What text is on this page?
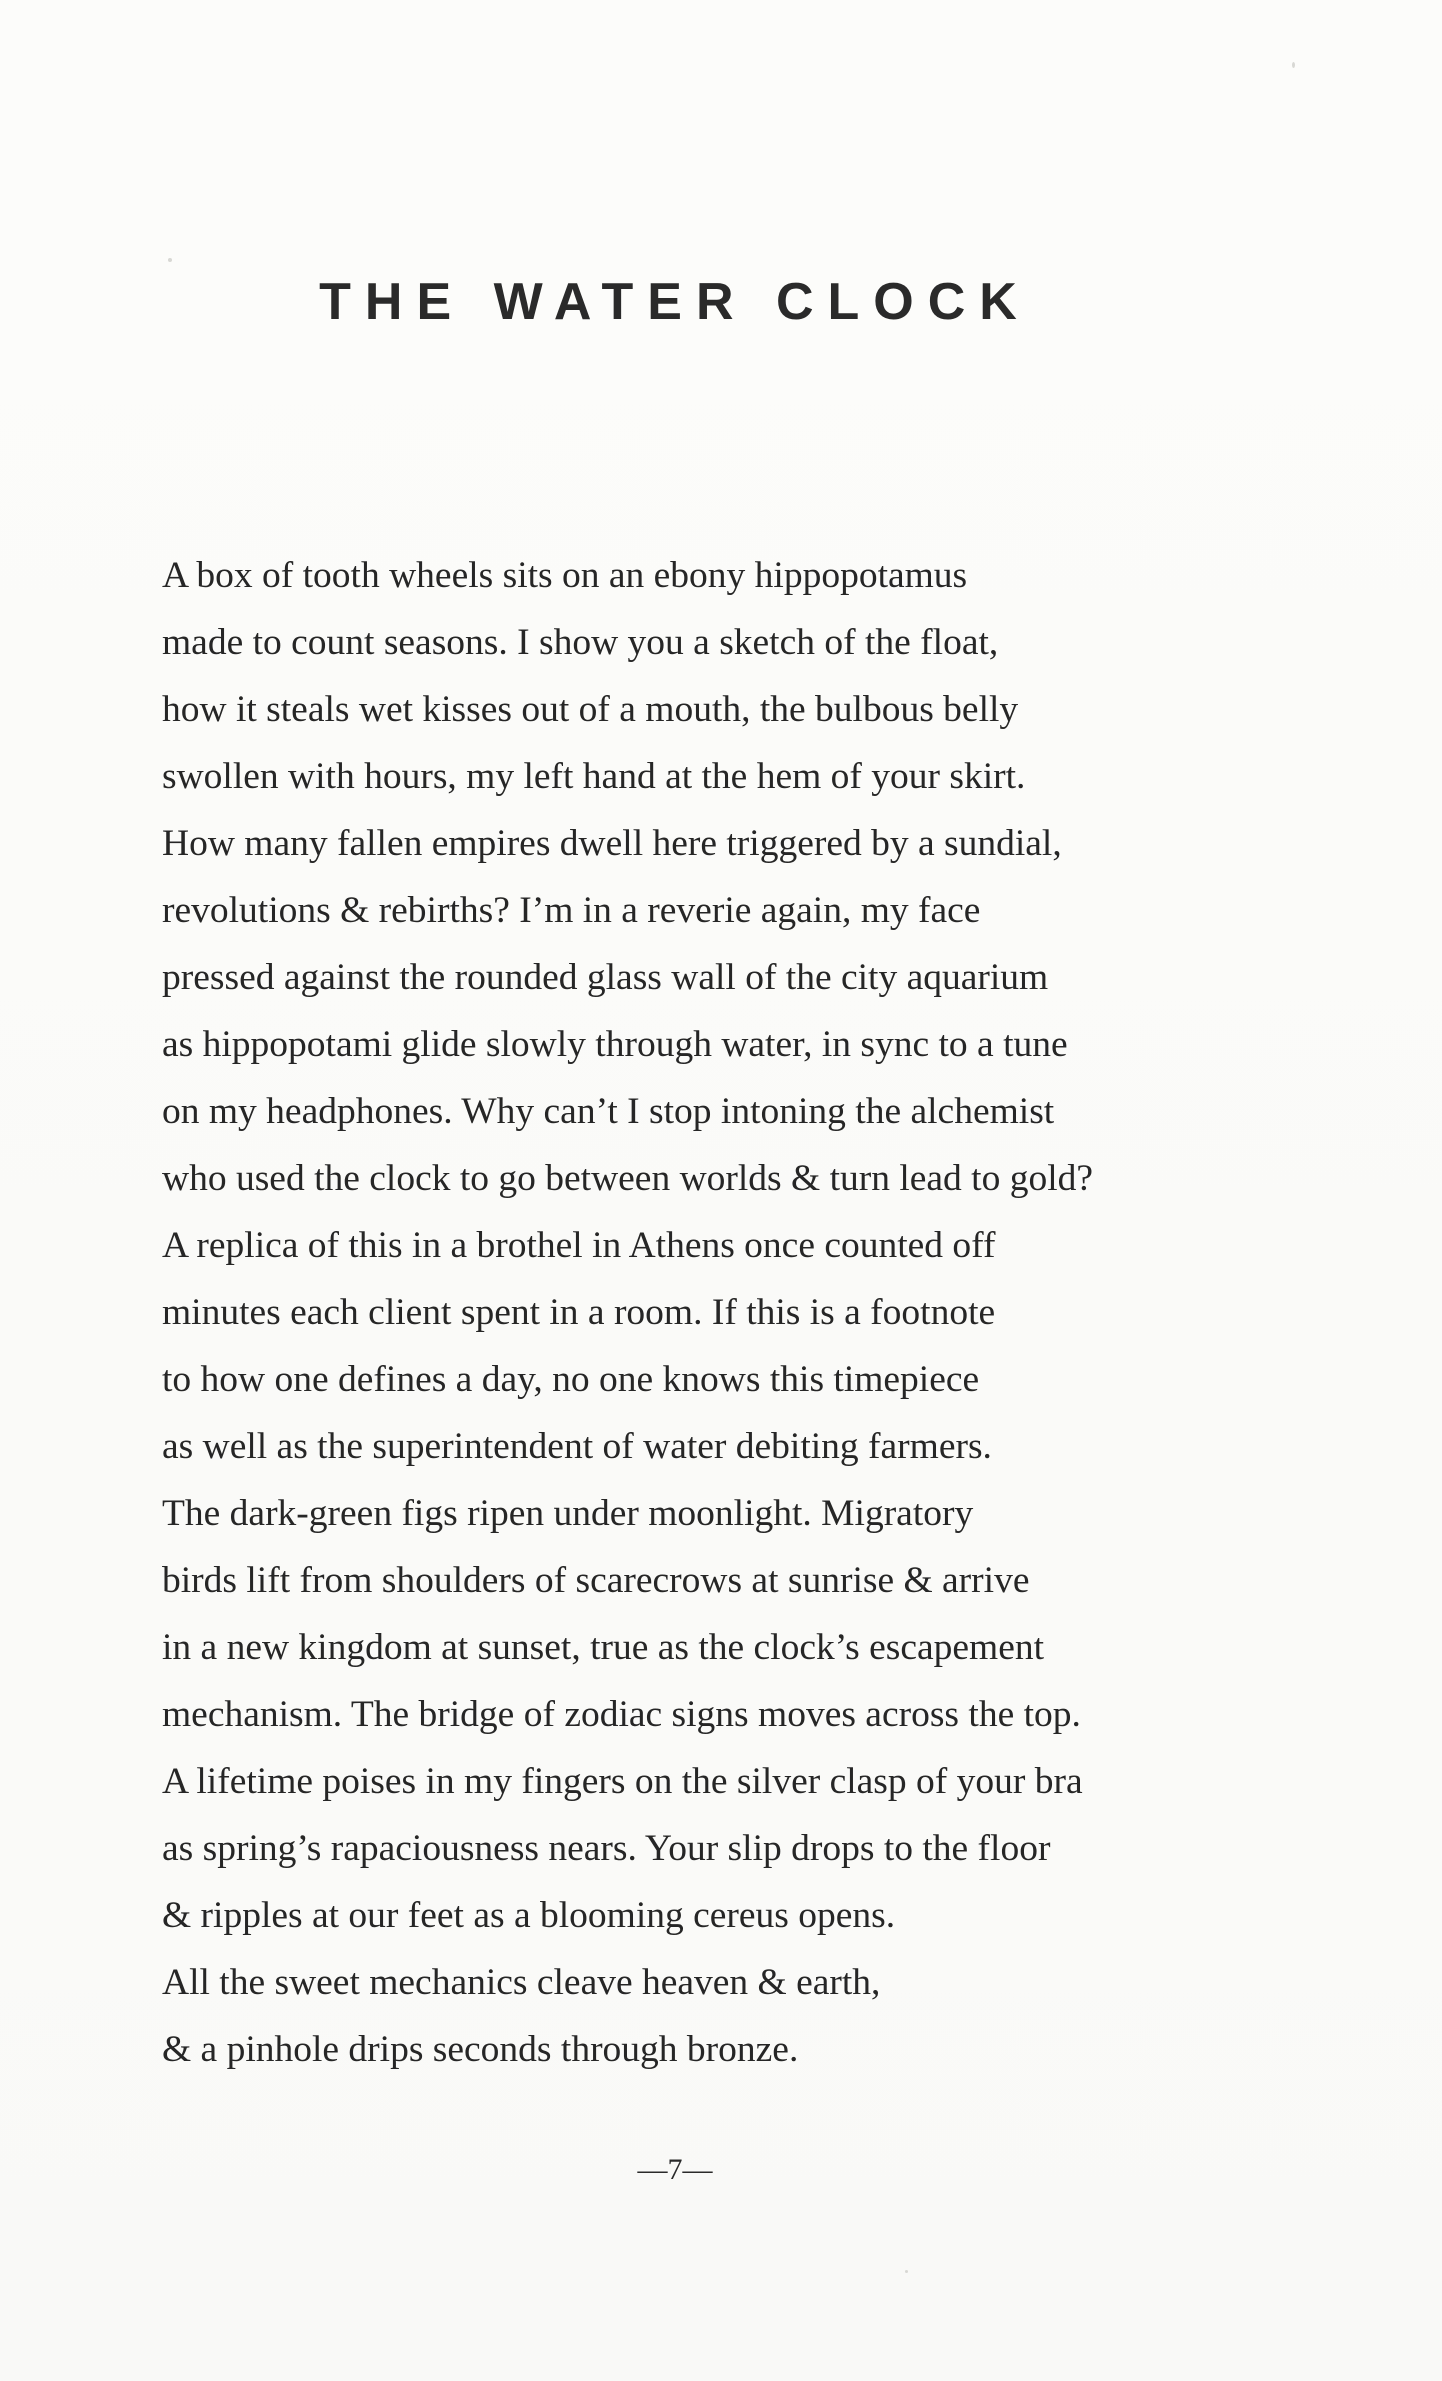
THE WATER CLOCK
A box of tooth wheels sits on an ebony hippopotamus
made to count seasons. I show you a sketch of the float,
how it steals wet kisses out of a mouth, the bulbous belly
swollen with hours, my left hand at the hem of your skirt.
How many fallen empires dwell here triggered by a sundial,
revolutions & rebirths? I’m in a reverie again, my face
pressed against the rounded glass wall of the city aquarium
as hippopotami glide slowly through water, in sync to a tune
on my headphones. Why can’t I stop intoning the alchemist
who used the clock to go between worlds & turn lead to gold?
A replica of this in a brothel in Athens once counted off
minutes each client spent in a room. If this is a footnote
to how one defines a day, no one knows this timepiece
as well as the superintendent of water debiting farmers.
The dark-green figs ripen under moonlight. Migratory
birds lift from shoulders of scarecrows at sunrise & arrive
in a new kingdom at sunset, true as the clock’s escapement
mechanism. The bridge of zodiac signs moves across the top.
A lifetime poises in my fingers on the silver clasp of your bra
as spring’s rapaciousness nears. Your slip drops to the floor
& ripples at our feet as a blooming cereus opens.
All the sweet mechanics cleave heaven & earth,
& a pinhole drips seconds through bronze.
—7—
